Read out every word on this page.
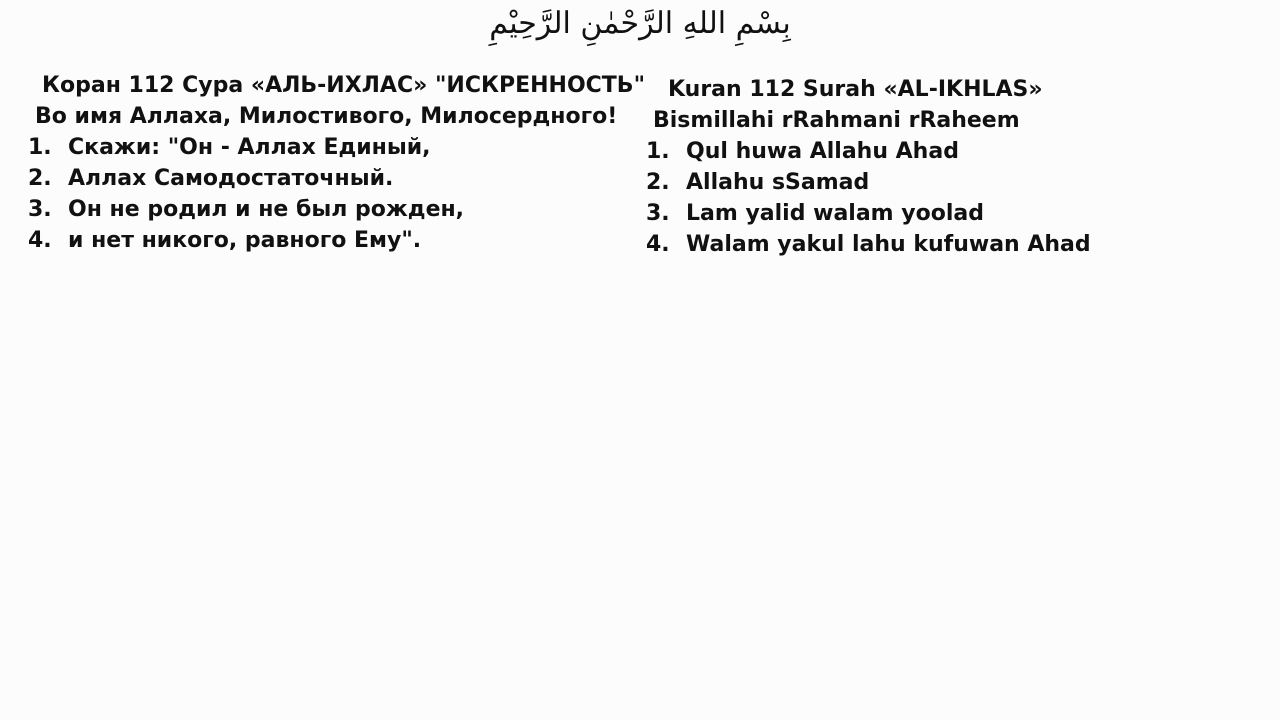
بِسْمِ اللهِ الرَّحْمٰنِ الرَّحِيْمِ
Коран 112 Сура «АЛЬ-ИХЛАС» "ИСКРЕННОСТЬ"
Во имя Аллаха, Милостивого, Милосердного!
1. Скажи: "Он - Аллах Единый,
2. Аллах Самодостаточный.
3. Он не родил и не был рожден,
4. и нет никого, равного Ему".
Kuran 112 Surah «AL-IKHLAS»
Bismillahi rRahmani rRaheem
1. Qul huwa Allahu Ahad
2. Allahu sSamad
3. Lam yalid walam yoolad
4. Walam yakul lahu kufuwan Ahad
